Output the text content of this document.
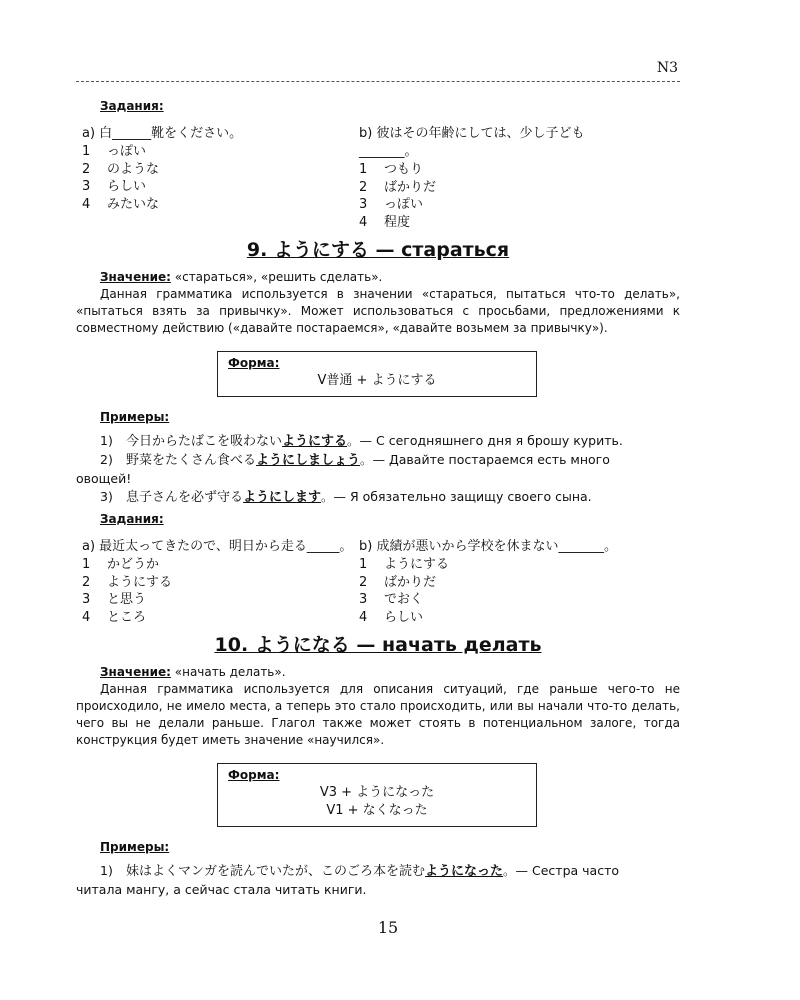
N3
Задания:
a) 白______靴をください。
1	っぽい
2	のような
3	らしい
4	みたいな
b) 彼はその年齢にしては、少し子ども_______。
1	つもり
2	ばかりだ
3	っぽい
4	程度
9. ようにする — стараться
Значение: «стараться», «решить сделать».
Данная грамматика используется в значении «стараться, пытаться что-то делать», «пытаться взять за привычку». Может использоваться с просьбами, предложениями к совместному действию («давайте постараемся», «давайте возьмем за привычку»).
Форма:
V普通 + ようにする
Примеры:
1)	今日からたばこを吸わないようにする。— С сегодняшнего дня я брошу курить.
2)	野菜をたくさん食べるようにしましょう。— Давайте постараемся есть много
овощей!
3)	息子さんを必ず守るようにします。— Я обязательно защищу своего сына.
Задания:
a) 最近太ってきたので、明日から走る_____。
1	かどうか
2	ようにする
3	と思う
4	ところ
b) 成績が悪いから学校を休まない_______。
1	ようにする
2	ばかりだ
3	でおく
4	らしい
10. ようになる — начать делать
Значение: «начать делать».
Данная грамматика используется для описания ситуаций, где раньше чего-то не происходило, не имело места, а теперь это стало происходить, или вы начали что-то делать, чего вы не делали раньше. Глагол также может стоять в потенциальном залоге, тогда конструкция будет иметь значение «научился».
Форма:
V3 + ようになった
V1 + なくなった
Примеры:
1)	妹はよくマンガを読んでいたが、このごろ本を読むようになった。— Сестра часто
читала мангу, а сейчас стала читать книги.
15
